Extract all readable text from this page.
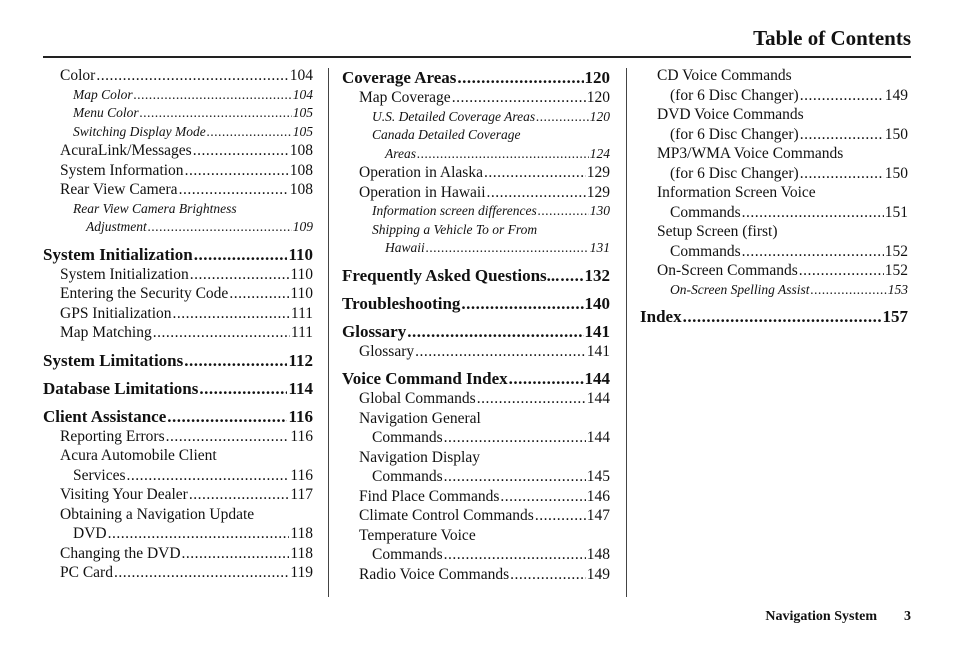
Table of Contents
Color .....	104
Map Color .....	104
Menu Color .....	105
Switching Display Mode .....	105
AcuraLink/Messages .....	108
System Information .....	108
Rear View Camera .....	108
Rear View Camera Brightness
Adjustment .....	109
System Initialization .....	110
System Initialization .....	110
Entering the Security Code .....	110
GPS Initialization .....	111
Map Matching .....	111
System Limitations .....	112
Database Limitations .....	114
Client Assistance .....	116
Reporting Errors .....	116
Acura Automobile Client
Services .....	116
Visiting Your Dealer .....	117
Obtaining a Navigation Update
DVD .....	118
Changing the DVD .....	118
PC Card .....	119
Coverage Areas .....	120
Map Coverage .....	120
U.S. Detailed Coverage Areas .....	120
Canada Detailed Coverage
Areas .....	124
Operation in Alaska .....	129
Operation in Hawaii .....	129
Information screen differences .....	130
Shipping a Vehicle To or From
Hawaii .....	131
Frequently Asked Questions... ..... 132
Troubleshooting .....	140
Glossary .....	141
Glossary .....	141
Voice Command Index .....	144
Global Commands .....	144
Navigation General
Commands .....	144
Navigation Display
Commands .....	145
Find Place Commands .....	146
Climate Control Commands .....	147
Temperature Voice
Commands .....	148
Radio Voice Commands .....	149
CD Voice Commands
(for 6 Disc Changer) .....	149
DVD Voice Commands
(for 6 Disc Changer) .....	150
MP3/WMA Voice Commands
(for 6 Disc Changer) .....	150
Information Screen Voice
Commands .....	151
Setup Screen (first)
Commands .....	152
On-Screen Commands .....	152
On-Screen Spelling Assist .....	153
Index .....	157
Navigation System 3
